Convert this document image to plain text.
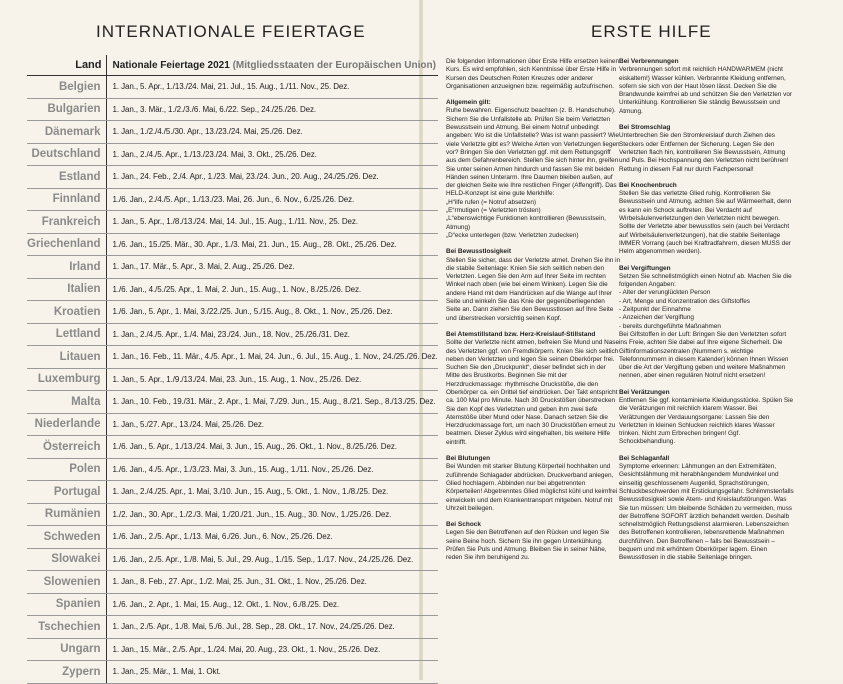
INTERNATIONALE FEIERTAGE	ERSTE HILFE
Land	Nationale Feiertage 2021 (Mitgliedsstaaten der Europäischen Union)
Belgien	1. Jan., 5. Apr., 1./13./24. Mai, 21. Jul., 15. Aug., 1./11. Nov., 25. Dez.
Bulgarien	1. Jan., 3. Mär., 1./2./3./6. Mai, 6./22. Sep., 24./25./26. Dez.
Dänemark	1. Jan., 1./2./4./5./30. Apr., 13./23./24. Mai, 25./26. Dez.
Deutschland	1. Jan., 2./4./5. Apr., 1./13./23./24. Mai, 3. Okt., 25./26. Dez.
Estland	1. Jan., 24. Feb., 2./4. Apr., 1./23. Mai, 23./24. Jun., 20. Aug., 24./25./26. Dez.
Finnland	1./6. Jan., 2./4./5. Apr., 1./13./23. Mai, 26. Jun., 6. Nov., 6./25./26. Dez.
Frankreich	1. Jan., 5. Apr., 1./8./13./24. Mai, 14. Jul., 15. Aug., 1./11. Nov., 25. Dez.
Griechenland	1./6. Jan., 15./25. Mär., 30. Apr., 1./3. Mai, 21. Jun., 15. Aug., 28. Okt., 25./26. Dez.
Irland	1. Jan., 17. Mär., 5. Apr., 3. Mai, 2. Aug., 25./26. Dez.
Italien	1./6. Jan., 4./5./25. Apr., 1. Mai, 2. Jun., 15. Aug., 1. Nov., 8./25./26. Dez.
Kroatien	1./6. Jan., 5. Apr., 1. Mai, 3./22./25. Jun., 5./15. Aug., 8. Okt., 1. Nov., 25./26. Dez.
Lettland	1. Jan., 2./4./5. Apr., 1./4. Mai, 23./24. Jun., 18. Nov., 25./26./31. Dez.
Litauen	1. Jan., 16. Feb., 11. Mär., 4./5. Apr., 1. Mai, 24. Jun., 6. Jul., 15. Aug., 1. Nov., 24./25./26. Dez.
Luxemburg	1. Jan., 5. Apr., 1./9./13./24. Mai, 23. Jun., 15. Aug., 1. Nov., 25./26. Dez.
Malta	1. Jan., 10. Feb., 19./31. Mär., 2. Apr., 1. Mai, 7./29. Jun., 15. Aug., 8./21. Sep., 8./13./25. Dez.
Niederlande	1. Jan., 5./27. Apr., 13./24. Mai, 25./26. Dez.
Österreich	1./6. Jan., 5. Apr., 1./13./24. Mai, 3. Jun., 15. Aug., 26. Okt., 1. Nov., 8./25./26. Dez.
Polen	1./6. Jan., 4./5. Apr., 1./3./23. Mai, 3. Jun., 15. Aug., 1./11. Nov., 25./26. Dez.
Portugal	1. Jan., 2./4./25. Apr., 1. Mai, 3./10. Jun., 15. Aug., 5. Okt., 1. Nov., 1./8./25. Dez.
Rumänien	1./2. Jan., 30. Apr., 1./2./3. Mai, 1./20./21. Jun., 15. Aug., 30. Nov., 1./25./26. Dez.
Schweden	1./6. Jan., 2./5. Apr., 1./13. Mai, 6./26. Jun., 6. Nov., 25./26. Dez.
Slowakei	1./6. Jan., 2./5. Apr., 1./8. Mai, 5. Jul., 29. Aug., 1./15. Sep., 1./17. Nov., 24./25./26. Dez.
Slowenien	1. Jan., 8. Feb., 27. Apr., 1./2. Mai, 25. Jun., 31. Okt., 1. Nov., 25./26. Dez.
Spanien	1./6. Jan., 2. Apr., 1. Mai, 15. Aug., 12. Okt., 1. Nov., 6./8./25. Dez.
Tschechien	1. Jan., 2./5. Apr., 1./8. Mai, 5./6. Jul., 28. Sep., 28. Okt., 17. Nov., 24./25./26. Dez.
Ungarn	1. Jan., 15. Mär., 2./5. Apr., 1./24. Mai, 20. Aug., 23. Okt., 1. Nov., 25./26. Dez.
Zypern	1. Jan., 25. Mär., 1. Mai, 1. Okt.

Die folgenden Informationen über Erste Hilfe ersetzen keinen Kurs. Es wird empfohlen, sich Kenntnisse über Erste Hilfe in Kursen des Deutschen Roten Kreuzes oder anderer Organisationen anzueignen bzw. regelmäßig aufzufrischen.

Allgemein gilt:

Ruhe bewahren. Eigenschutz beachten (z. B. Handschuhe). Sichern Sie die Unfallstelle ab. Prüfen Sie beim Verletzten Bewusstsein und Atmung. Bei einem Notruf unbedingt angeben: Wo ist die Unfallstelle? Was ist wann passiert? Wie viele Verletzte gibt es? Welche Arten von Verletzungen liegen vor? Bringen Sie den Verletzten ggf. mit dem Rettungsgriff aus dem Gefahrenbereich. Stellen Sie sich hinter ihn, greifen Sie unter seinen Armen hindurch und fassen Sie mit beiden Händen seinen Unterarm. Ihre Daumen bleiben außen, auf der gleichen Seite wie Ihre restlichen Finger (Affengriff). Das HELD-Konzept ist eine gute Merkhilfe:
„H“ilfe rufen (= Notruf absetzen)
„E“rmutigen (= Verletzten trösten)
„L“ebenswichtige Funktionen kontrollieren (Bewusstsein, Atmung)
„D“ecke unterlegen (bzw. Verletzten zudecken)

Bei Bewusstlosigkeit

Stellen Sie sicher, dass der Verletzte atmet. Drehen Sie ihn in die stabile Seitenlage: Knien Sie sich seitlich neben den Verletzten. Legen Sie den Arm auf Ihrer Seite im rechten Winkel nach oben (wie bei einem Winken). Legen Sie die andere Hand mit dem Handrücken auf die Wange auf Ihrer Seite und winkeln Sie das Knie der gegenüberliegenden Seite an. Dann ziehen Sie den Bewusstlosen auf Ihre Seite und überstrecken vorsichtig seinen Kopf.

Bei Atemstillstand bzw. Herz-Kreislauf-Stillstand

Sollte der Verletzte nicht atmen, befreien Sie Mund und Nase des Verletzten ggf. von Fremdkörpern. Knien Sie sich seitlich neben den Verletzten und legen Sie seinen Oberkörper frei. Suchen Sie den „Druckpunkt“, dieser befindet sich in der Mitte des Brustkorbs. Beginnen Sie mit der Herzdruckmassage: rhythmische Druckstöße, die den Oberkörper ca. ein Drittel tief eindrücken. Der Takt entspricht ca. 100 Mal pro Minute. Nach 30 Druckstößen überstrecken Sie den Kopf des Verletzten und geben ihm zwei tiefe Atemstöße über Mund oder Nase. Danach setzen Sie die Herzdruckmassage fort, um nach 30 Druckstößen erneut zu beatmen. Dieser Zyklus wird eingehalten, bis weitere Hilfe eintrifft.

Bei Blutungen

Bei Wunden mit starker Blutung Körperteil hochhalten und zuführende Schlagader abdrücken. Druckverband anlegen, Glied hochlagern. Abbinden nur bei abgetrennten Körperteilen! Abgetrenntes Glied möglichst kühl und keimfrei einwickeln und dem Krankentransport mitgeben. Notruf mit Uhrzeit beilegen.

Bei Schock

Legen Sie den Betroffenen auf den Rücken und legen Sie seine Beine hoch. Sichern Sie ihn gegen Unterkühlung. Prüfen Sie Puls und Atmung. Bleiben Sie in seiner Nähe, reden Sie ihm beruhigend zu.

Bei Verbrennungen

Verbrennungen sofort mit reichlich HANDWARMEM (nicht eiskaltem!) Wasser kühlen. Verbrannte Kleidung entfernen, sofern sie sich von der Haut lösen lässt. Decken Sie die Brandwunde keimfrei ab und schützen Sie den Verletzten vor Unterkühlung. Kontrollieren Sie ständig Bewusstsein und Atmung.

Bei Stromschlag

Unterbrechen Sie den Stromkreislauf durch Ziehen des Steckers oder Entfernen der Sicherung. Legen Sie den Verletzten flach hin, kontrollieren Sie Bewusstsein, Atmung und Puls. Bei Hochspannung den Verletzten nicht berühren! Rettung in diesem Fall nur durch Fachpersonal!

Bei Knochenbruch

Stellen Sie das verletzte Glied ruhig. Kontrollieren Sie Bewusstsein und Atmung, achten Sie auf Wärmeerhalt, denn es kann ein Schock auftreten. Bei Verdacht auf Wirbelsäulenverletzungen den Verletzten nicht bewegen. Sollte der Verletzte aber bewusstlos sein (auch bei Verdacht auf Wirbelsäulenverletzungen), hat die stabile Seitenlage IMMER Vorrang (auch bei Kraftradfahrern, diesen MUSS der Helm abgenommen werden).

Bei Vergiftungen

Setzen Sie schnellstmöglich einen Notruf ab. Machen Sie die folgenden Angaben:
- Alter der verunglückten Person
- Art, Menge und Konzentration des Giftstoffes
- Zeitpunkt der Einnahme
- Anzeichen der Vergiftung
- bereits durchgeführte Maßnahmen
Bei Giftstoffen in der Luft: Bringen Sie den Verletzten sofort ins Freie, achten Sie dabei auf Ihre eigene Sicherheit. Die Giftinformationszentralen (Nummern s. wichtige Telefonnummern in diesem Kalender) können Ihnen Wissen über die Art der Vergiftung geben und weitere Maßnahmen nennen, aber einen regulären Notruf nicht ersetzen!

Bei Verätzungen

Entfernen Sie ggf. kontaminierte Kleidungsstücke. Spülen Sie die Verätzungen mit reichlich klarem Wasser. Bei Verätzungen der Verdauungsorgane: Lassen Sie den Verletzten in kleinen Schlucken reichlich klares Wasser trinken. Nicht zum Erbrechen bringen! Ggf. Schockbehandlung.

Bei Schlaganfall

Symptome erkennen: Lähmungen an den Extremitäten, Gesichtslähmung mit herabhängendem Mundwinkel und einseitig geschlossenem Augenlid, Sprachstörungen, Schluckbeschwerden mit Erstickungsgefahr. Schlimmstenfalls Bewusstlosigkeit sowie Atem- und Kreislaufstörungen. Was Sie tun müssen: Um bleibende Schäden zu vermeiden, muss der Betroffene SOFORT ärztlich behandelt werden. Deshalb schnellstmöglich Rettungsdienst alarmieren. Lebenszeichen des Betroffenen kontrollieren, lebensrettende Maßnahmen durchführen. Den Betroffenen – falls bei Bewusstsein – bequem und mit erhöhtem Oberkörper lagern. Einen Bewusstlosen in die stabile Seitenlage bringen.
